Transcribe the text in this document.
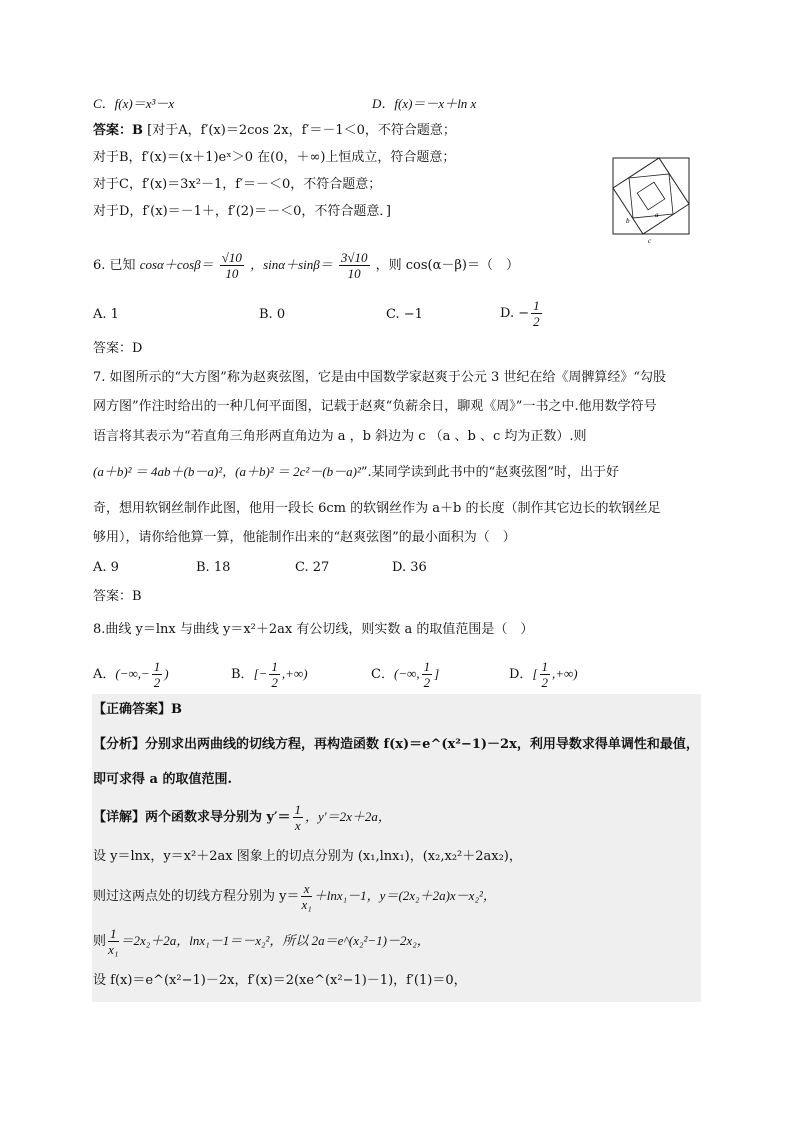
C．f(x)＝x³－x	D．f(x)＝－x＋ln x
答案：B [对于A，f′(x)＝2cos 2x，f′＝－1＜0，不符合题意；
对于B，f′(x)＝(x＋1)eˣ＞0 在(0，＋∞)上恒成立，符合题意；
对于C，f′(x)＝3x²－1，f′＝－＜0，不符合题意；
对于D，f′(x)＝－1＋，f′(2)＝－＜0，不符合题意．]
b
a
c
6. 已知 $\cos\alpha+\cos\beta= \frac{√10}{10}$ ，$\sin\alpha+\sin\beta= \frac{3√10}{10}$ ，则 cos(α－β)＝（　）
A. 1	B. 0	C. −1	D. − $\frac{1}{2}$
答案：D
7. 如图所示的“大方图”称为赵爽弦图，它是由中国数学家赵爽于公元 3 世纪在给《周髀算经》“勾股
网方图”作注时给出的一种几何平面图，记载于赵爽“负薪余日，聊观《周》”一书之中.他用数学符号
语言将其表示为“若直角三角形两直角边为 a ，b 斜边为 c （a 、b 、c 均为正数）.则
(a＋b)² ＝ 4ab＋(b－a)²，(a＋b)² ＝ 2c²－(b－a)²”.某同学读到此书中的“赵爽弦图”时，出于好
奇，想用软钢丝制作此图，他用一段长 6cm 的软钢丝作为 a＋b 的长度（制作其它边长的软钢丝足
够用），请你给他算一算，他能制作出来的“赵爽弦图”的最小面积为（　）
A. 9	B. 18	C. 27	D. 36
答案：B
8.曲线 y＝lnx 与曲线 y＝x²＋2ax 有公切线，则实数 a 的取值范围是（　）
A．(−∞,− $\frac{1}{2}$ )	B．[− $\frac{1}{2}$ ,+∞)	C．(−∞, $\frac{1}{2}$ ]	D．[ $\frac{1}{2}$ ,+∞)
【正确答案】B
【分析】分别求出两曲线的切线方程，再构造函数 f(x)＝e^(x²−1)－2x，利用导数求得单调性和最值，
即可求得 a 的取值范围.
【详解】两个函数求导分别为 $y'= \frac{1}{x}$ ，y′＝2x＋2a，
设 y＝lnx，y＝x²＋2ax 图象上的切点分别为 (x₁,lnx₁)，(x₂,x₂²＋2ax₂)，
则过这两点处的切线方程分别为 $y= \frac{x}{\text{x₁}} +\ln x_1-1$，y＝(2x₂＋2a)x－x₂²，
则 $\frac{1}{\text{x₁}} =2x_2+2a$，lnx₁－1＝－x₂²，所以 2a＝e^(x₂²−1)－2x₂，
设 f(x)＝e^(x²−1)－2x，f′(x)＝2(xe^(x²−1)－1)，f′(1)＝0，
